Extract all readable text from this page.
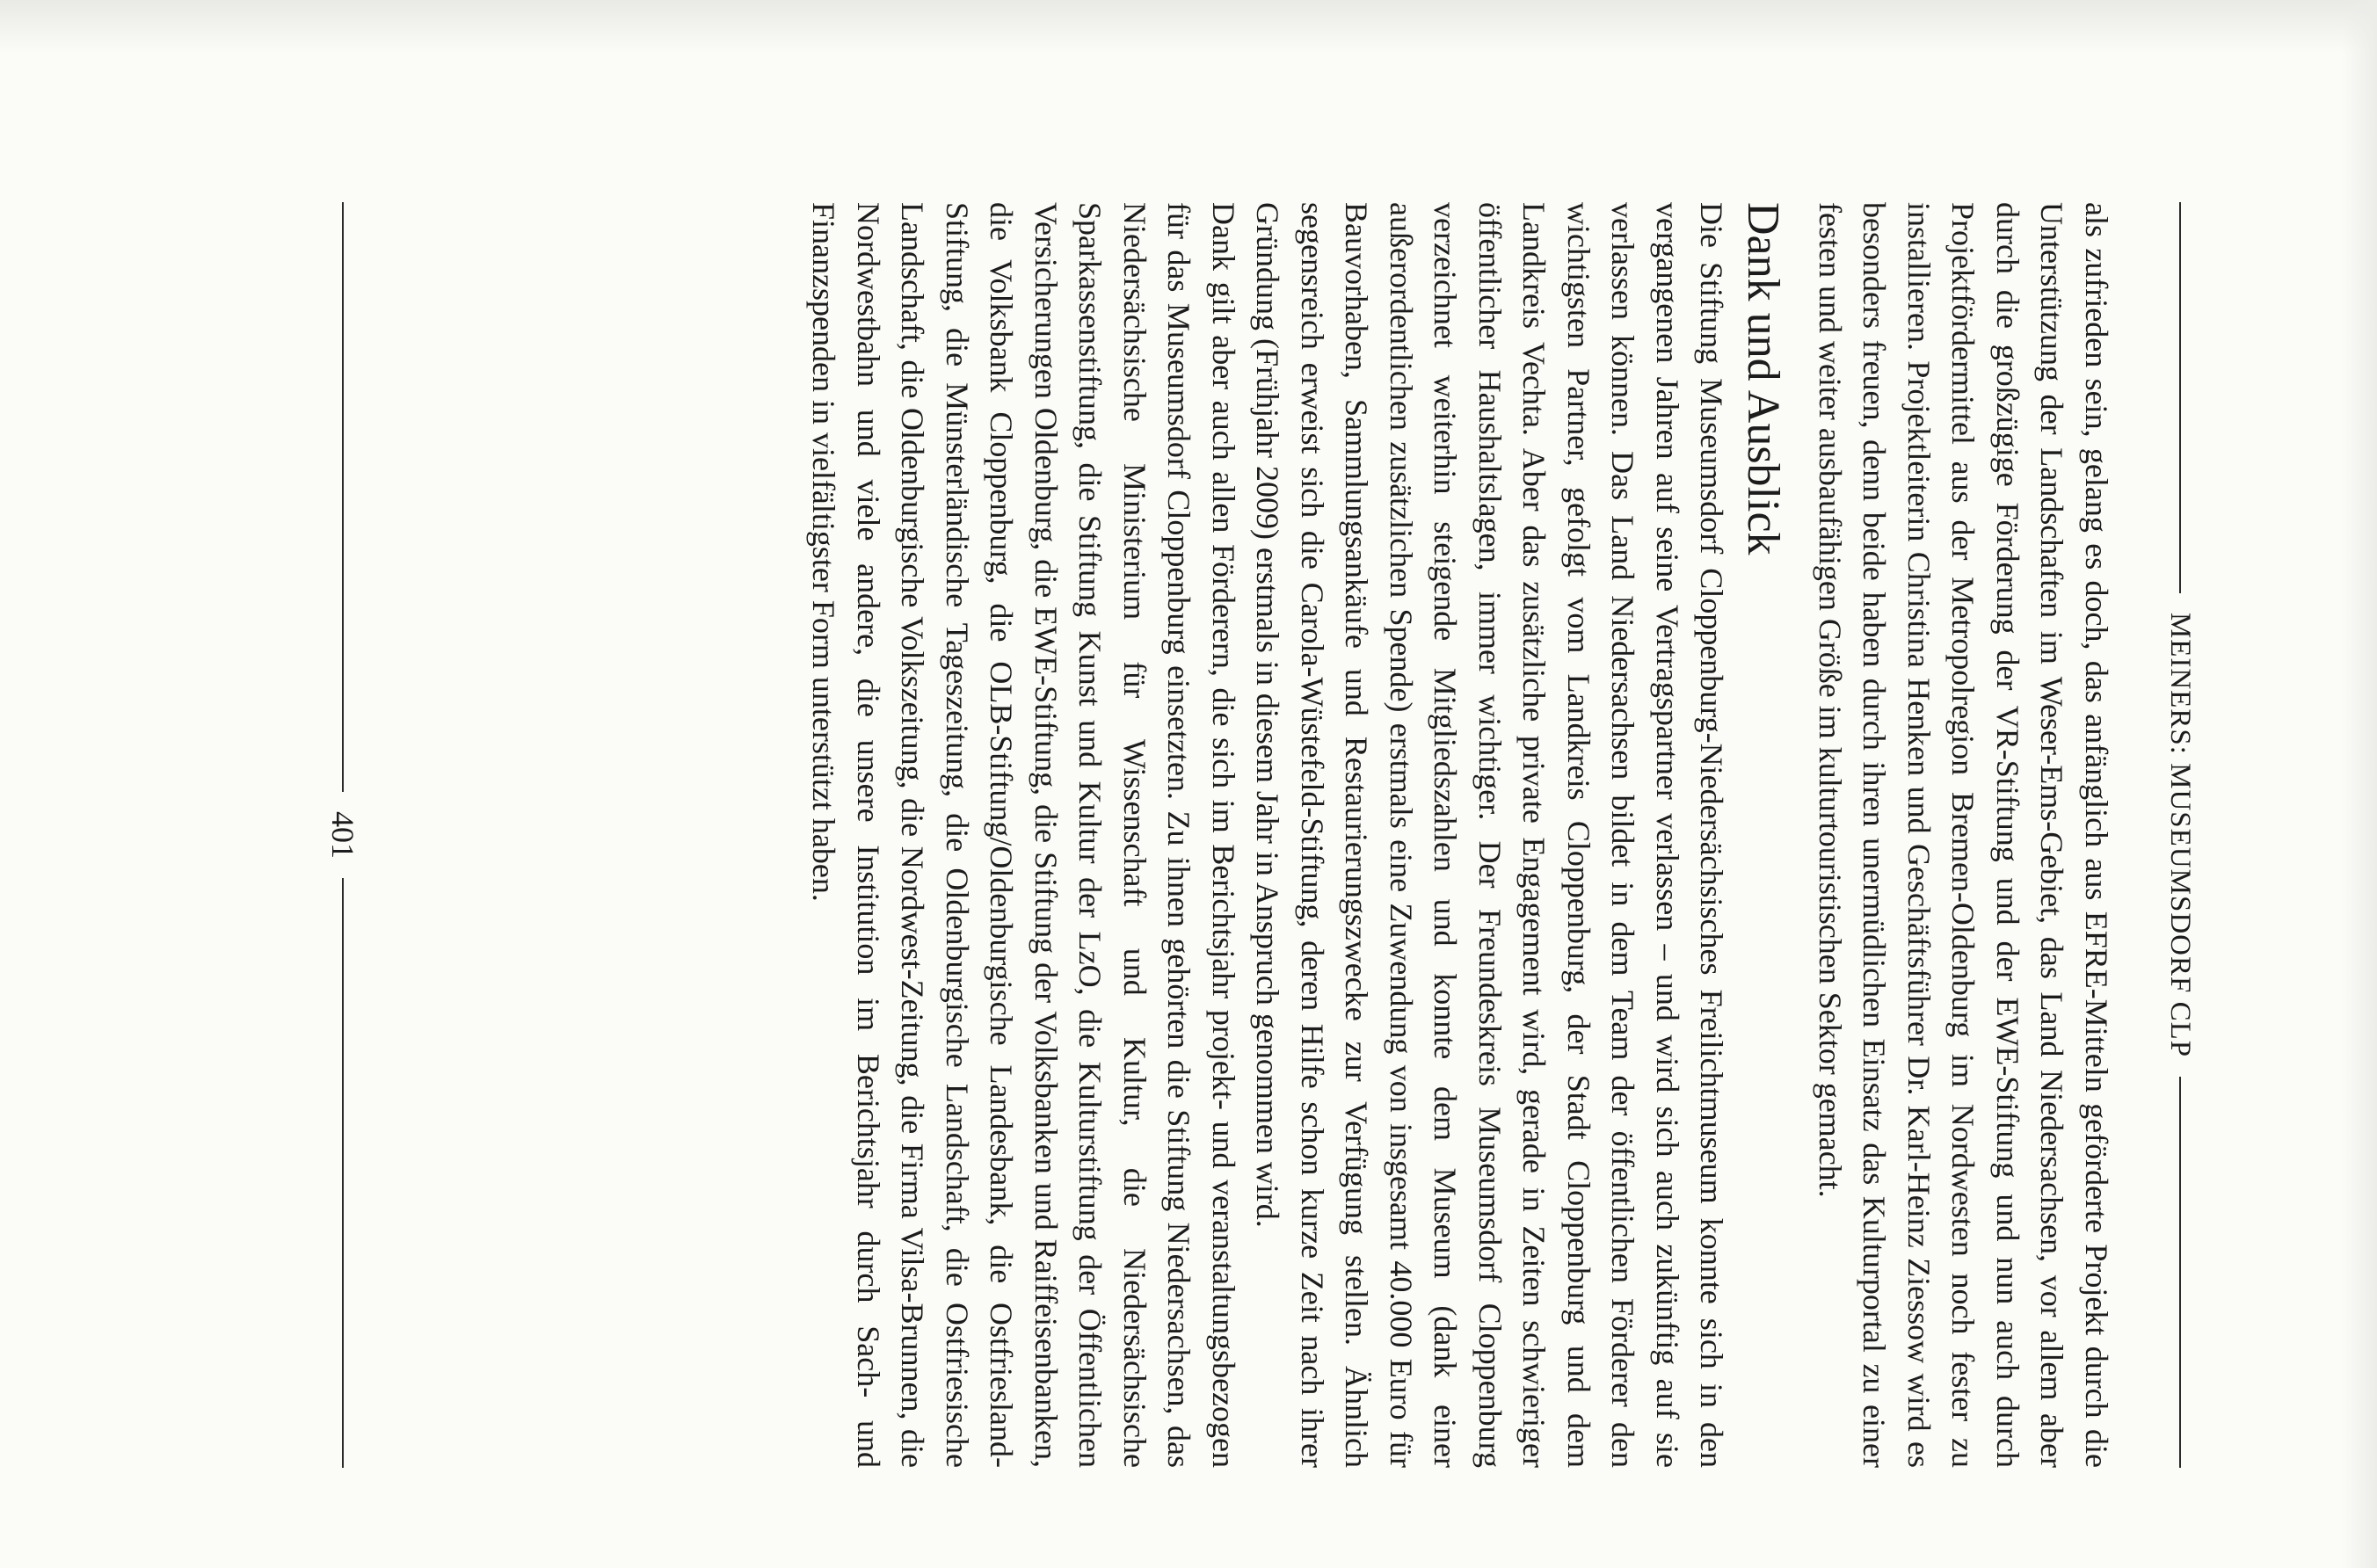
MEINERS: MUSEUMSDORF CLP

als zufrieden sein, gelang es doch, das anfänglich aus EFRE-Mitteln geförderte Projekt durch die Unterstützung der Landschaften im Weser-Ems-Gebiet, das Land Niedersachsen, vor allem aber durch die großzügige Förderung der VR-Stiftung und der EWE-Stiftung und nun auch durch Projektfördermittel aus der Metropolregion Bremen-Oldenburg im Nordwesten noch fester zu installieren. Projektleiterin Christina Henken und Geschäftsführer Dr. Karl-Heinz Ziessow wird es besonders freuen, denn beide haben durch ihren unermüdlichen Einsatz das Kulturportal zu einer festen und weiter ausbaufähigen Größe im kulturtouristischen Sektor gemacht.

Dank und Ausblick

Die Stiftung Museumsdorf Cloppenburg-Niedersächsisches Freilichtmuseum konnte sich in den vergangenen Jahren auf seine Vertragspartner verlassen – und wird sich auch zukünftig auf sie verlassen können. Das Land Niedersachsen bildet in dem Team der öffentlichen Förderer den wichtigsten Partner, gefolgt vom Landkreis Cloppenburg, der Stadt Cloppenburg und dem Landkreis Vechta. Aber das zusätzliche private Engagement wird, gerade in Zeiten schwieriger öffentlicher Haushaltslagen, immer wichtiger. Der Freundeskreis Museumsdorf Cloppenburg verzeichnet weiterhin steigende Mitgliedszahlen und konnte dem Museum (dank einer außerordentlichen zusätzlichen Spende) erstmals eine Zuwendung von insgesamt 40.000 Euro für Bauvorhaben, Sammlungsankäufe und Restaurierungszwecke zur Verfügung stellen. Ähnlich segensreich erweist sich die Carola-Wüstefeld-Stiftung, deren Hilfe schon kurze Zeit nach ihrer Gründung (Frühjahr 2009) erstmals in diesem Jahr in Anspruch genommen wird.

Dank gilt aber auch allen Förderern, die sich im Berichtsjahr projekt- und veranstaltungsbezogen für das Museumsdorf Cloppenburg einsetzten. Zu ihnen gehörten die Stiftung Niedersachsen, das Niedersächsische Ministerium für Wissenschaft und Kultur, die Niedersächsische Sparkassenstiftung, die Stiftung Kunst und Kultur der LzO, die Kulturstiftung der Öffentlichen Versicherungen Oldenburg, die EWE-Stiftung, die Stiftung der Volksbanken und Raiffeisenbanken, die Volksbank Cloppenburg, die OLB-Stiftung/Oldenburgische Landesbank, die Ostfriesland-Stiftung, die Münsterländische Tageszeitung, die Oldenburgische Landschaft, die Ostfriesische Landschaft, die Oldenburgische Volkszeitung, die Nordwest-Zeitung, die Firma Vilsa-Brunnen, die Nordwestbahn und viele andere, die unsere Institution im Berichtsjahr durch Sach- und Finanzspenden in vielfältigster Form unterstützt haben.

401
